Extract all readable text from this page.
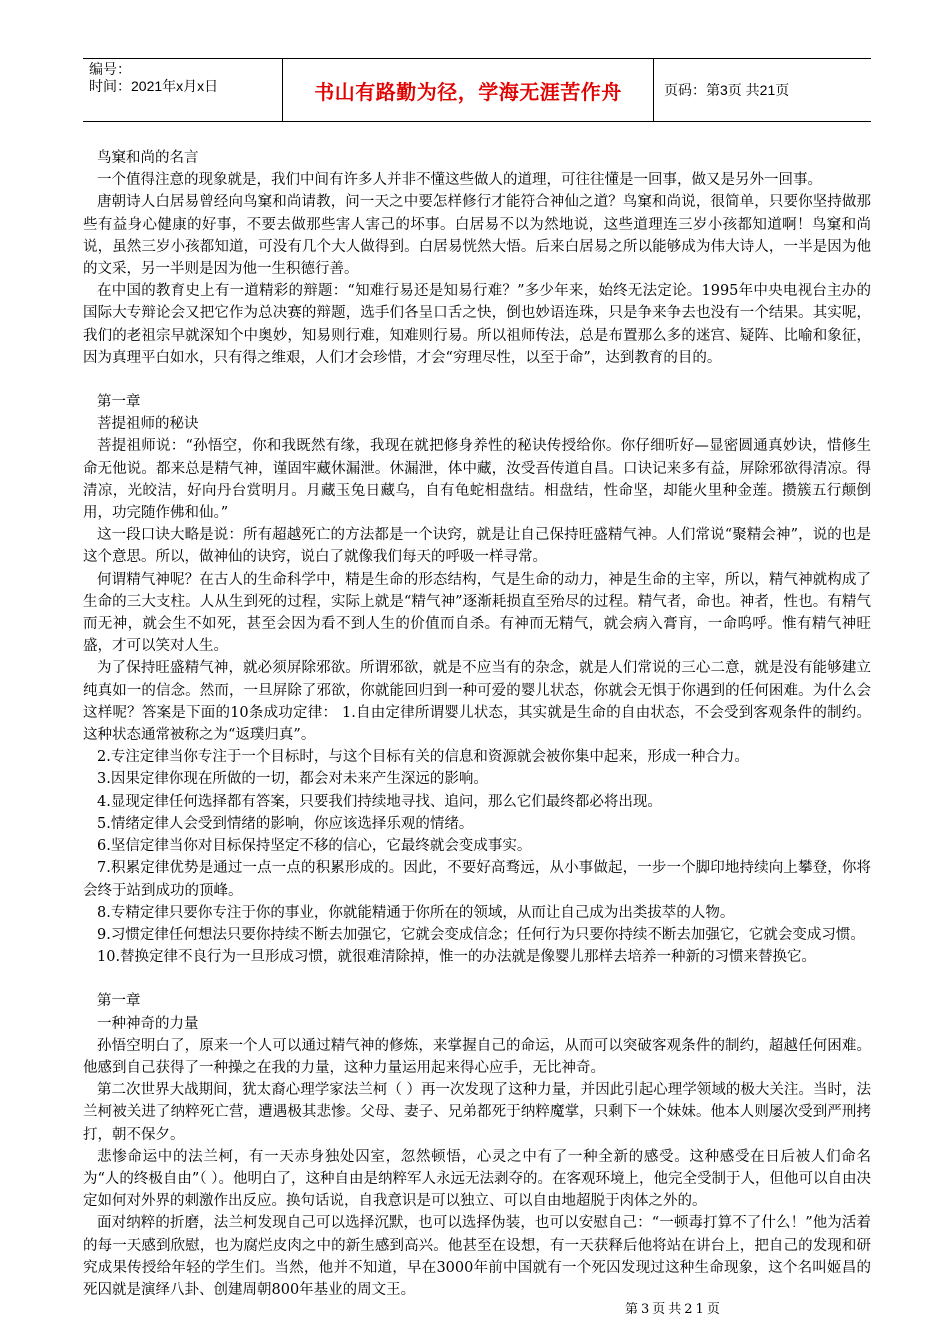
编号：
时间：2021年x月x日	书山有路勤为径，学海无涯苦作舟	页码：第3页 共21页

鸟窠和尚的名言

一个值得注意的现象就是，我们中间有许多人并非不懂这些做人的道理，可往往懂是一回事，做又是另外一回事。

唐朝诗人白居易曾经向鸟窠和尚请教，问一天之中要怎样修行才能符合神仙之道？鸟窠和尚说，很简单，只要你坚持做那些有益身心健康的好事，不要去做那些害人害己的坏事。白居易不以为然地说，这些道理连三岁小孩都知道啊！鸟窠和尚说，虽然三岁小孩都知道，可没有几个大人做得到。白居易恍然大悟。后来白居易之所以能够成为伟大诗人，一半是因为他的文采，另一半则是因为他一生积德行善。

在中国的教育史上有一道精彩的辩题：“知难行易还是知易行难？”多少年来，始终无法定论。1995年中央电视台主办的国际大专辩论会又把它作为总决赛的辩题，选手们各呈口舌之快，倒也妙语连珠，只是争来争去也没有一个结果。其实呢，我们的老祖宗早就深知个中奥妙，知易则行难，知难则行易。所以祖师传法，总是布置那么多的迷宫、疑阵、比喻和象征，因为真理平白如水，只有得之维艰，人们才会珍惜，才会“穷理尽性，以至于命”，达到教育的目的。

第一章

菩提祖师的秘诀

菩提祖师说：“孙悟空，你和我既然有缘，我现在就把修身养性的秘诀传授给你。你仔细听好—显密圆通真妙诀，惜修生命无他说。都来总是精气神，谨固牢藏休漏泄。休漏泄，体中藏，汝受吾传道自昌。口诀记来多有益，屏除邪欲得清凉。得清凉，光皎洁，好向丹台赏明月。月藏玉兔日藏乌，自有龟蛇相盘结。相盘结，性命坚，却能火里种金莲。攒簇五行颠倒用，功完随作佛和仙。”

这一段口诀大略是说：所有超越死亡的方法都是一个诀窍，就是让自己保持旺盛精气神。人们常说“聚精会神”，说的也是这个意思。所以，做神仙的诀窍，说白了就像我们每天的呼吸一样寻常。

何谓精气神呢？在古人的生命科学中，精是生命的形态结构，气是生命的动力，神是生命的主宰，所以，精气神就构成了生命的三大支柱。人从生到死的过程，实际上就是“精气神”逐渐耗损直至殆尽的过程。精气者，命也。神者，性也。有精气而无神，就会生不如死，甚至会因为看不到人生的价值而自杀。有神而无精气，就会病入膏肓，一命呜呼。惟有精气神旺盛，才可以笑对人生。

为了保持旺盛精气神，就必须屏除邪欲。所谓邪欲，就是不应当有的杂念，就是人们常说的三心二意，就是没有能够建立纯真如一的信念。然而，一旦屏除了邪欲，你就能回归到一种可爱的婴儿状态，你就会无惧于你遇到的任何困难。为什么会这样呢？答案是下面的10条成功定律： 1.自由定律所谓婴儿状态，其实就是生命的自由状态，不会受到客观条件的制约。这种状态通常被称之为“返璞归真”。

2.专注定律当你专注于一个目标时，与这个目标有关的信息和资源就会被你集中起来，形成一种合力。

3.因果定律你现在所做的一切，都会对未来产生深远的影响。

4.显现定律任何选择都有答案，只要我们持续地寻找、追问，那么它们最终都必将出现。

5.情绪定律人会受到情绪的影响，你应该选择乐观的情绪。

6.坚信定律当你对目标保持坚定不移的信心，它最终就会变成事实。

7.积累定律优势是通过一点一点的积累形成的。因此，不要好高骛远，从小事做起，一步一个脚印地持续向上攀登，你将会终于站到成功的顶峰。

8.专精定律只要你专注于你的事业，你就能精通于你所在的领域，从而让自己成为出类拔萃的人物。

9.习惯定律任何想法只要你持续不断去加强它，它就会变成信念；任何行为只要你持续不断去加强它，它就会变成习惯。

10.替换定律不良行为一旦形成习惯，就很难清除掉，惟一的办法就是像婴儿那样去培养一种新的习惯来替换它。

第一章

一种神奇的力量

孙悟空明白了，原来一个人可以通过精气神的修炼，来掌握自己的命运，从而可以突破客观条件的制约，超越任何困难。他感到自己获得了一种操之在我的力量，这种力量运用起来得心应手，无比神奇。

第二次世界大战期间，犹太裔心理学家法兰柯（ ）再一次发现了这种力量，并因此引起心理学领域的极大关注。当时，法兰柯被关进了纳粹死亡营，遭遇极其悲惨。父母、妻子、兄弟都死于纳粹魔掌，只剩下一个妹妹。他本人则屡次受到严刑拷打，朝不保夕。

悲惨命运中的法兰柯，有一天赤身独处囚室，忽然顿悟，心灵之中有了一种全新的感受。这种感受在日后被人们命名为“人的终极自由”（ ）。他明白了，这种自由是纳粹军人永远无法剥夺的。在客观环境上，他完全受制于人，但他可以自由决定如何对外界的刺激作出反应。换句话说，自我意识是可以独立、可以自由地超脱于肉体之外的。

面对纳粹的折磨，法兰柯发现自己可以选择沉默，也可以选择伪装，也可以安慰自己：“一顿毒打算不了什么！”他为活着的每一天感到欣慰，也为腐烂皮肉之中的新生感到高兴。他甚至在设想，有一天获释后他将站在讲台上，把自己的发现和研究成果传授给年轻的学生们。当然，他并不知道，早在3000年前中国就有一个死囚发现过这种生命现象，这个名叫姬昌的死囚就是演绎八卦、创建周朝800年基业的周文王。

第3页共21页
